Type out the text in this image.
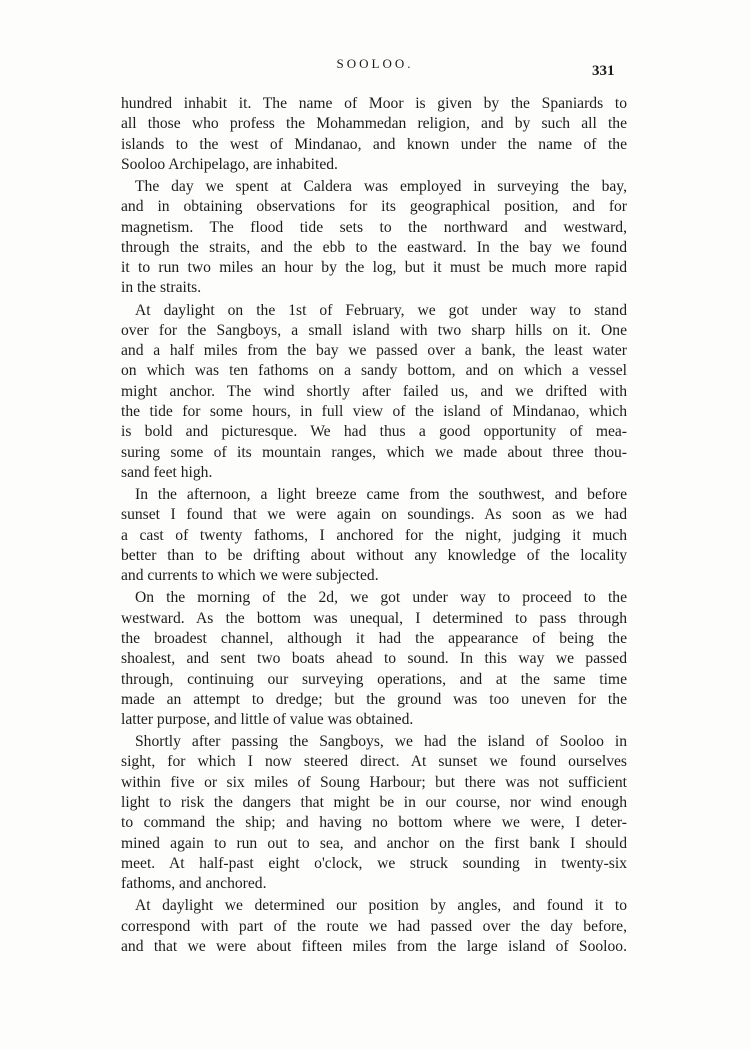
SOOLOO.	331

hundred inhabit it. The name of Moor is given by the Spaniards to
all those who profess the Mohammedan religion, and by such all the
islands to the west of Mindanao, and known under the name of the
Sooloo Archipelago, are inhabited.

The day we spent at Caldera was employed in surveying the bay,
and in obtaining observations for its geographical position, and for
magnetism. The flood tide sets to the northward and westward,
through the straits, and the ebb to the eastward. In the bay we found
it to run two miles an hour by the log, but it must be much more rapid
in the straits.

At daylight on the 1st of February, we got under way to stand
over for the Sangboys, a small island with two sharp hills on it. One
and a half miles from the bay we passed over a bank, the least water
on which was ten fathoms on a sandy bottom, and on which a vessel
might anchor. The wind shortly after failed us, and we drifted with
the tide for some hours, in full view of the island of Mindanao, which
is bold and picturesque. We had thus a good opportunity of mea-
suring some of its mountain ranges, which we made about three thou-
sand feet high.

In the afternoon, a light breeze came from the southwest, and before
sunset I found that we were again on soundings. As soon as we had
a cast of twenty fathoms, I anchored for the night, judging it much
better than to be drifting about without any knowledge of the locality
and currents to which we were subjected.

On the morning of the 2d, we got under way to proceed to the
westward. As the bottom was unequal, I determined to pass through
the broadest channel, although it had the appearance of being the
shoalest, and sent two boats ahead to sound. In this way we passed
through, continuing our surveying operations, and at the same time
made an attempt to dredge; but the ground was too uneven for the
latter purpose, and little of value was obtained.

Shortly after passing the Sangboys, we had the island of Sooloo in
sight, for which I now steered direct. At sunset we found ourselves
within five or six miles of Soung Harbour; but there was not sufficient
light to risk the dangers that might be in our course, nor wind enough
to command the ship; and having no bottom where we were, I deter-
mined again to run out to sea, and anchor on the first bank I should
meet. At half-past eight o'clock, we struck sounding in twenty-six
fathoms, and anchored.

At daylight we determined our position by angles, and found it to
correspond with part of the route we had passed over the day before,
and that we were about fifteen miles from the large island of Sooloo.
